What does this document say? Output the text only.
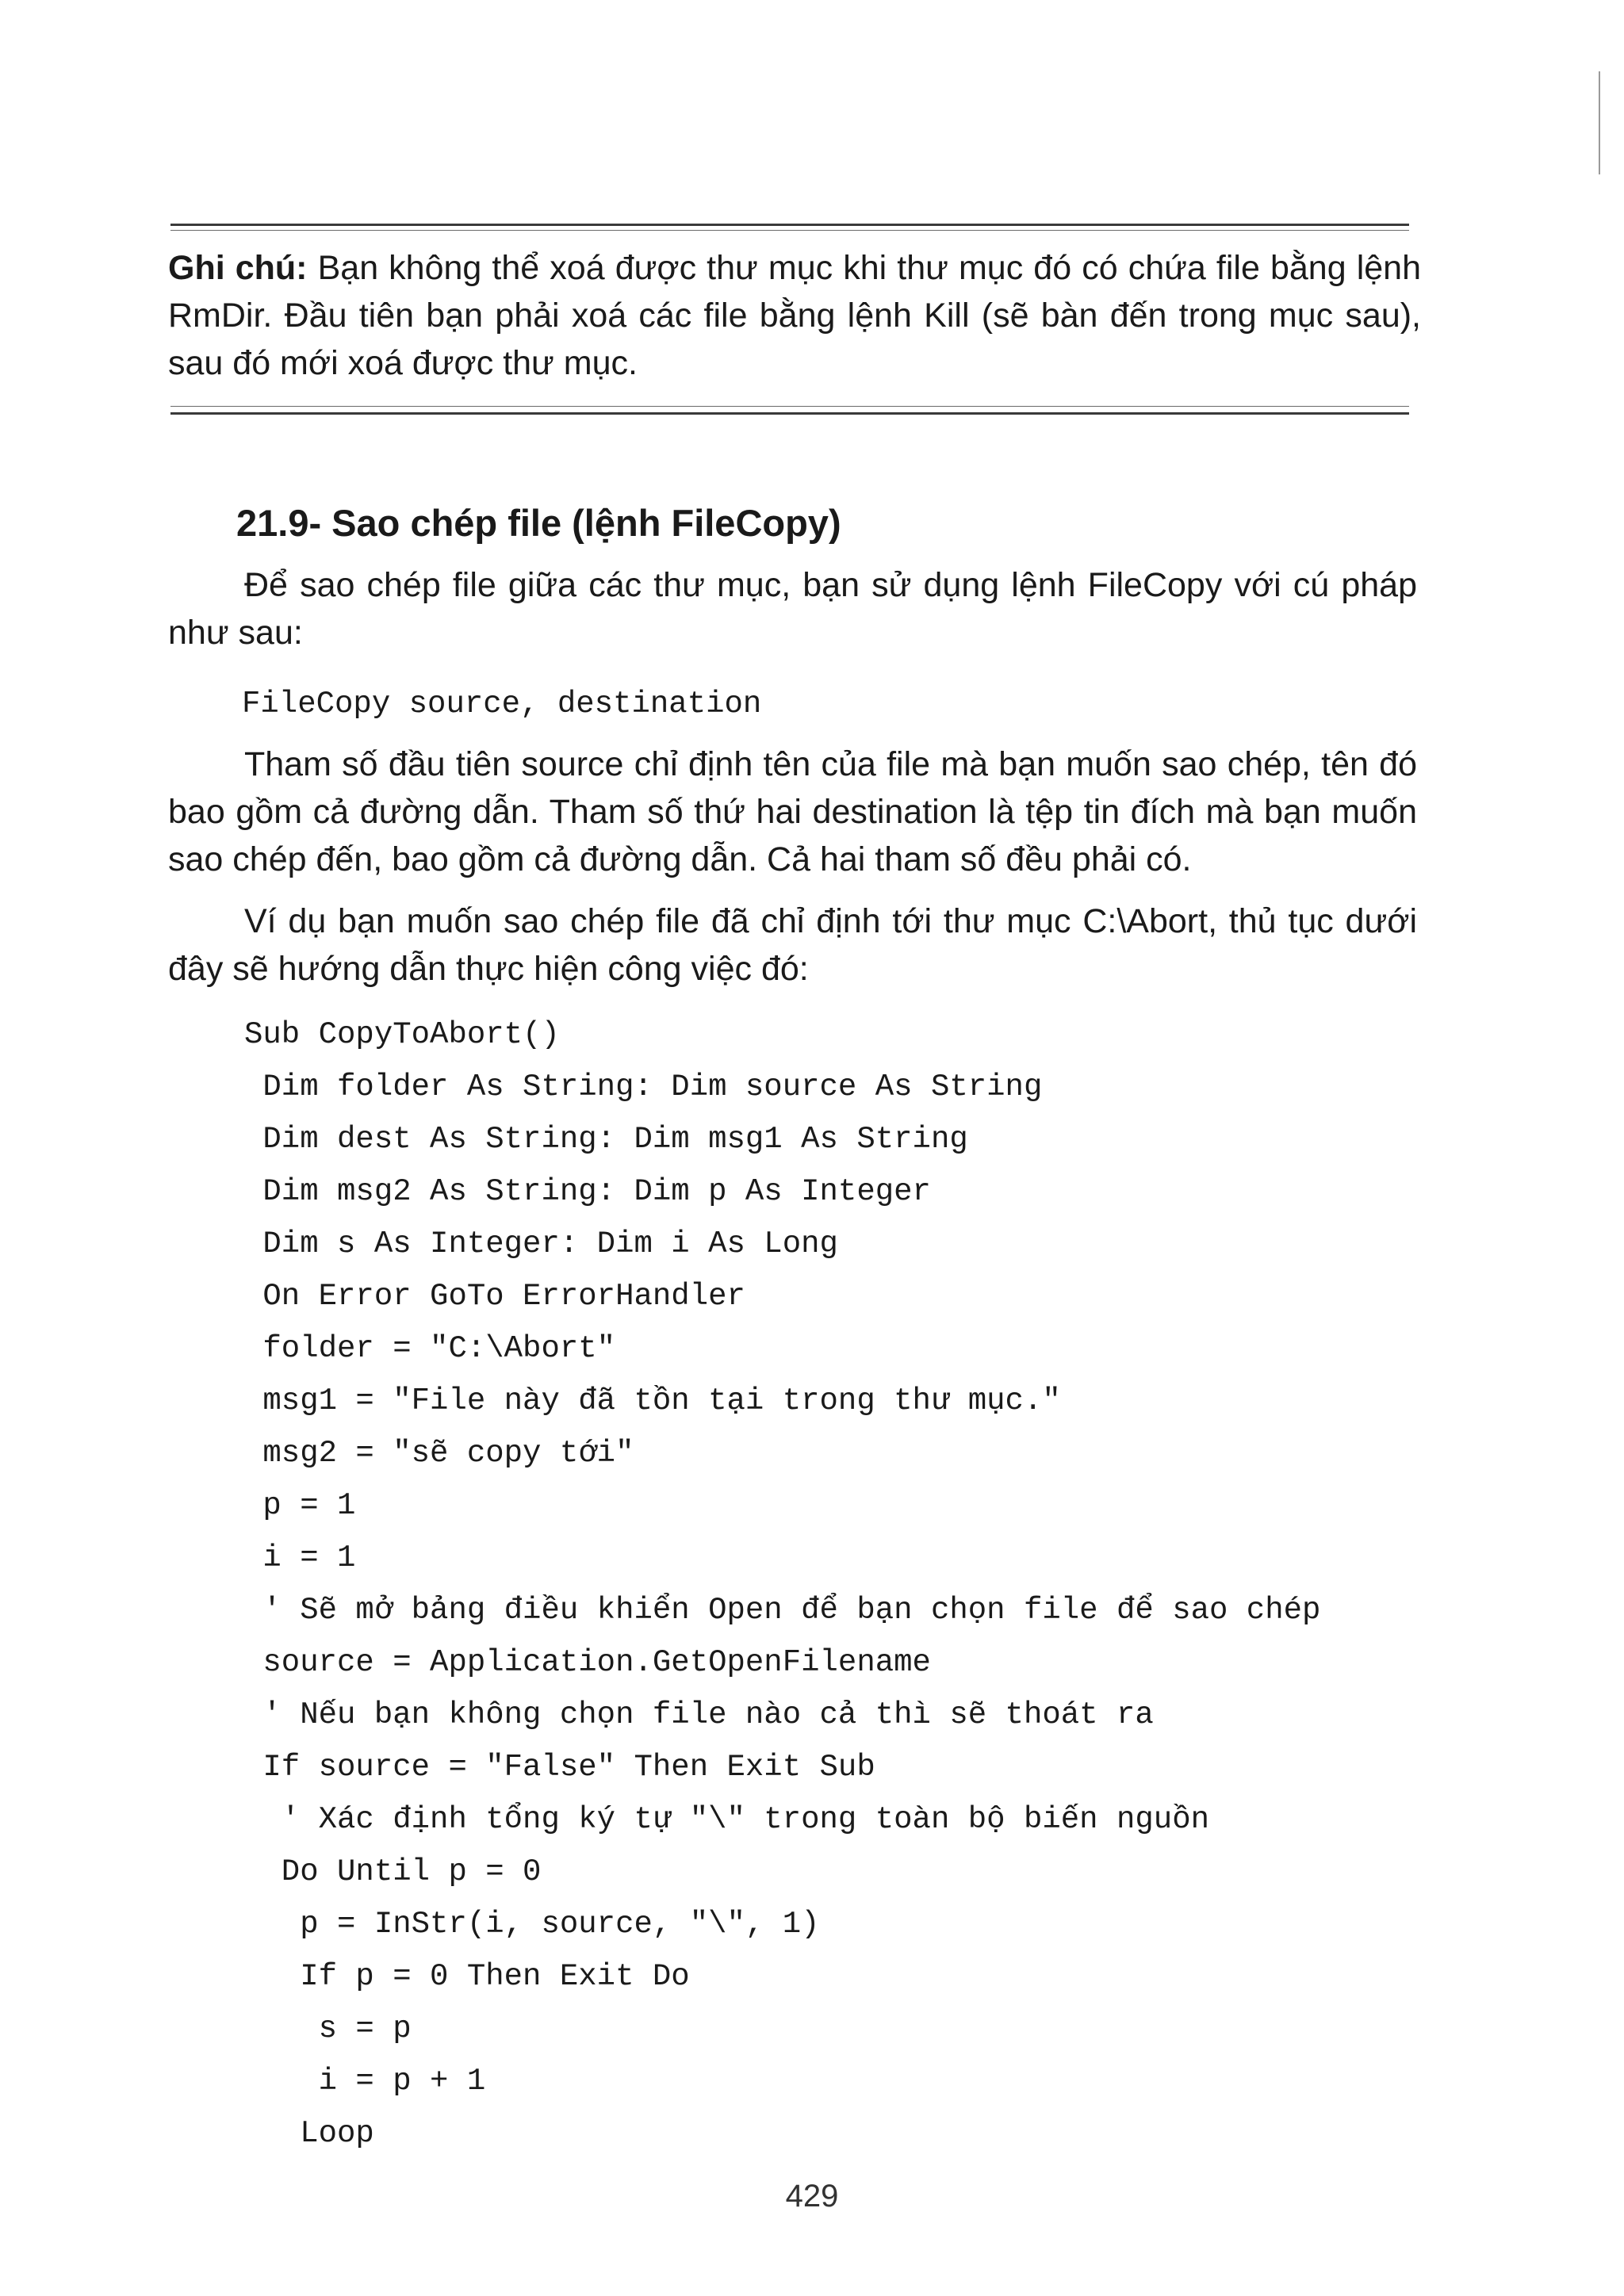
Ghi chú: Bạn không thể xoá được thư mục khi thư mục đó có chứa file bằng lệnh RmDir. Đầu tiên bạn phải xoá các file bằng lệnh Kill (sẽ bàn đến trong mục sau), sau đó mới xoá được thư mục.
21.9- Sao chép file (lệnh FileCopy)
Để sao chép file giữa các thư mục, bạn sử dụng lệnh FileCopy với cú pháp như sau:
FileCopy source, destination
Tham số đầu tiên source chỉ định tên của file mà bạn muốn sao chép, tên đó bao gồm cả đường dẫn. Tham số thứ hai destination là tệp tin đích mà bạn muốn sao chép đến, bao gồm cả đường dẫn. Cả hai tham số đều phải có.
Ví dụ bạn muốn sao chép file đã chỉ định tới thư mục C:\Abort, thủ tục dưới đây sẽ hướng dẫn thực hiện công việc đó:
Sub CopyToAbort()
Dim folder As String: Dim source As String
Dim dest As String: Dim msg1 As String
Dim msg2 As String: Dim p As Integer
Dim s As Integer: Dim i As Long
On Error GoTo ErrorHandler
folder = "C:\Abort"
msg1 = "File này đã tồn tại trong thư mục."
msg2 = "sẽ copy tới"
p = 1
i = 1
' Sẽ mở bảng điều khiển Open để bạn chọn file để sao chép
source = Application.GetOpenFilename
' Nếu bạn không chọn file nào cả thì sẽ thoát ra
If source = "False" Then Exit Sub
' Xác định tổng ký tự "\" trong toàn bộ biến nguồn
Do Until p = 0
p = InStr(i, source, "\", 1)
If p = 0 Then Exit Do
s = p
i = p + 1
Loop
429
